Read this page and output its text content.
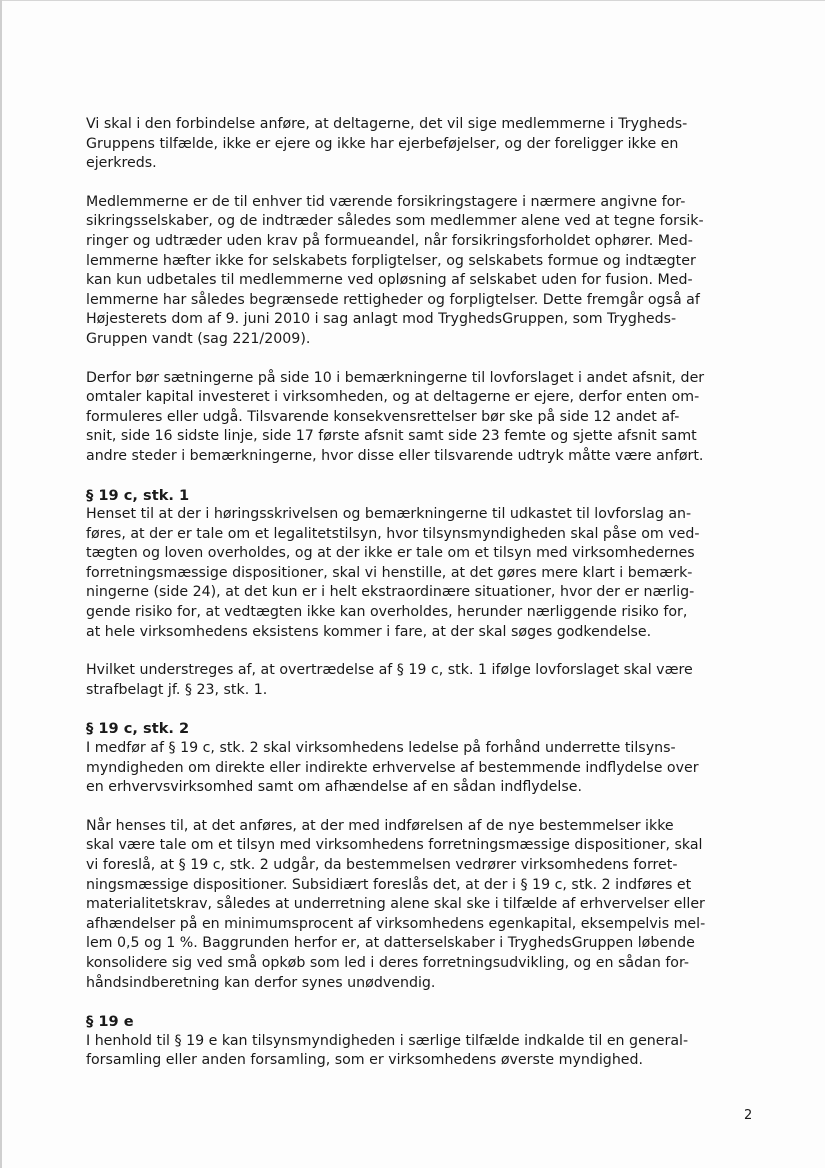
Vi skal i den forbindelse anføre, at deltagerne, det vil sige medlemmerne i Trygheds-
Gruppens tilfælde, ikke er ejere og ikke har ejerbeføjelser, og der foreligger ikke en
ejerkreds.

Medlemmerne er de til enhver tid værende forsikringstagere i nærmere angivne for-
sikringsselskaber, og de indtræder således som medlemmer alene ved at tegne forsik-
ringer og udtræder uden krav på formueandel, når forsikringsforholdet ophører. Med-
lemmerne hæfter ikke for selskabets forpligtelser, og selskabets formue og indtægter
kan kun udbetales til medlemmerne ved opløsning af selskabet uden for fusion. Med-
lemmerne har således begrænsede rettigheder og forpligtelser. Dette fremgår også af
Højesterets dom af 9. juni 2010 i sag anlagt mod TryghedsGruppen, som Trygheds-
Gruppen vandt (sag 221/2009).

Derfor bør sætningerne på side 10 i bemærkningerne til lovforslaget i andet afsnit, der
omtaler kapital investeret i virksomheden, og at deltagerne er ejere, derfor enten om-
formuleres eller udgå. Tilsvarende konsekvensrettelser bør ske på side 12 andet af-
snit, side 16 sidste linje, side 17 første afsnit samt side 23 femte og sjette afsnit samt
andre steder i bemærkningerne, hvor disse eller tilsvarende udtryk måtte være anført.

§ 19 c, stk. 1

Henset til at der i høringsskrivelsen og bemærkningerne til udkastet til lovforslag an-
føres, at der er tale om et legalitetstilsyn, hvor tilsynsmyndigheden skal påse om ved-
tægten og loven overholdes, og at der ikke er tale om et tilsyn med virksomhedernes
forretningsmæssige dispositioner, skal vi henstille, at det gøres mere klart i bemærk-
ningerne (side 24), at det kun er i helt ekstraordinære situationer, hvor der er nærlig-
gende risiko for, at vedtægten ikke kan overholdes, herunder nærliggende risiko for,
at hele virksomhedens eksistens kommer i fare, at der skal søges godkendelse.

Hvilket understreges af, at overtrædelse af § 19 c, stk. 1 ifølge lovforslaget skal være
strafbelagt jf. § 23, stk. 1.

§ 19 c, stk. 2

I medfør af § 19 c, stk. 2 skal virksomhedens ledelse på forhånd underrette tilsyns-
myndigheden om direkte eller indirekte erhvervelse af bestemmende indflydelse over
en erhvervsvirksomhed samt om afhændelse af en sådan indflydelse.

Når henses til, at det anføres, at der med indførelsen af de nye bestemmelser ikke
skal være tale om et tilsyn med virksomhedens forretningsmæssige dispositioner, skal
vi foreslå, at § 19 c, stk. 2 udgår, da bestemmelsen vedrører virksomhedens forret-
ningsmæssige dispositioner. Subsidiært foreslås det, at der i § 19 c, stk. 2 indføres et
materialitetskrav, således at underretning alene skal ske i tilfælde af erhvervelser eller
afhændelser på en minimumsprocent af virksomhedens egenkapital, eksempelvis mel-
lem 0,5 og 1 %. Baggrunden herfor er, at datterselskaber i TryghedsGruppen løbende
konsolidere sig ved små opkøb som led i deres forretningsudvikling, og en sådan for-
håndsindberetning kan derfor synes unødvendig.

§ 19 e

I henhold til § 19 e kan tilsynsmyndigheden i særlige tilfælde indkalde til en general-
forsamling eller anden forsamling, som er virksomhedens øverste myndighed.

2
